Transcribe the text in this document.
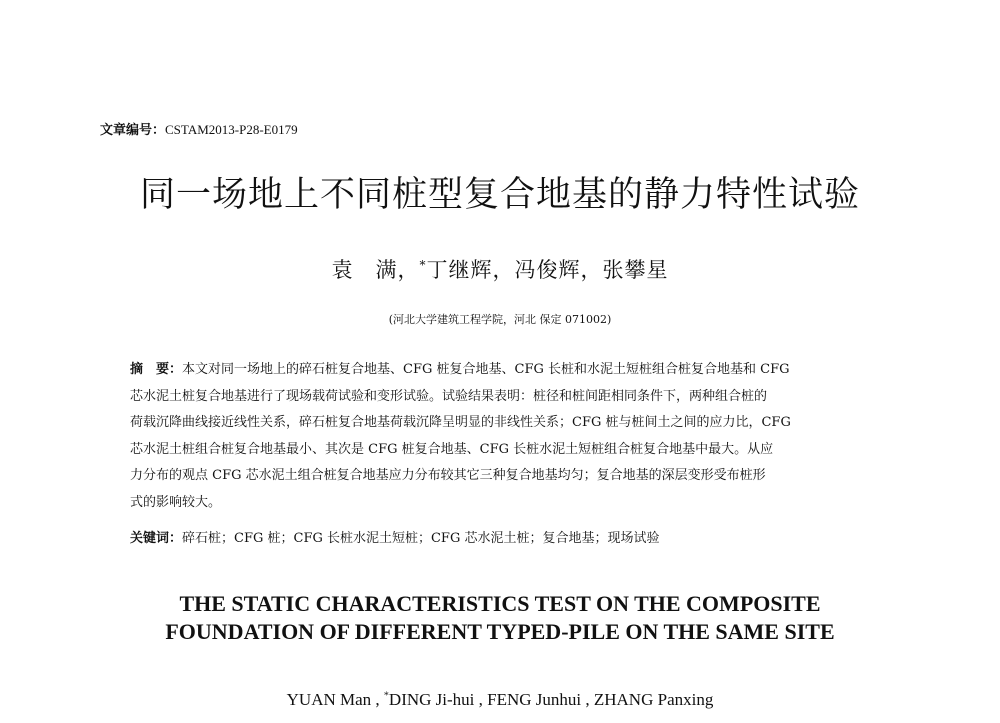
文章编号：CSTAM2013-P28-E0179
同一场地上不同桩型复合地基的静力特性试验
袁　满，*丁继辉，冯俊辉，张攀星
(河北大学建筑工程学院，河北 保定 071002)
摘　要：本文对同一场地上的碎石桩复合地基、CFG 桩复合地基、CFG 长桩和水泥土短桩组合桩复合地基和 CFG
芯水泥土桩复合地基进行了现场载荷试验和变形试验。试验结果表明：桩径和桩间距相同条件下，两种组合桩的
荷载沉降曲线接近线性关系，碎石桩复合地基荷载沉降呈明显的非线性关系；CFG 桩与桩间土之间的应力比，CFG
芯水泥土桩组合桩复合地基最小、其次是 CFG 桩复合地基、CFG 长桩水泥土短桩组合桩复合地基中最大。从应
力分布的观点 CFG 芯水泥土组合桩复合地基应力分布较其它三种复合地基均匀；复合地基的深层变形受布桩形
式的影响较大。
关键词：碎石桩；CFG 桩；CFG 长桩水泥土短桩；CFG 芯水泥土桩；复合地基；现场试验
THE STATIC CHARACTERISTICS TEST ON THE COMPOSITE
FOUNDATION OF DIFFERENT TYPED-PILE ON THE SAME SITE
YUAN Man , *DING Ji-hui , FENG Junhui , ZHANG Panxing
